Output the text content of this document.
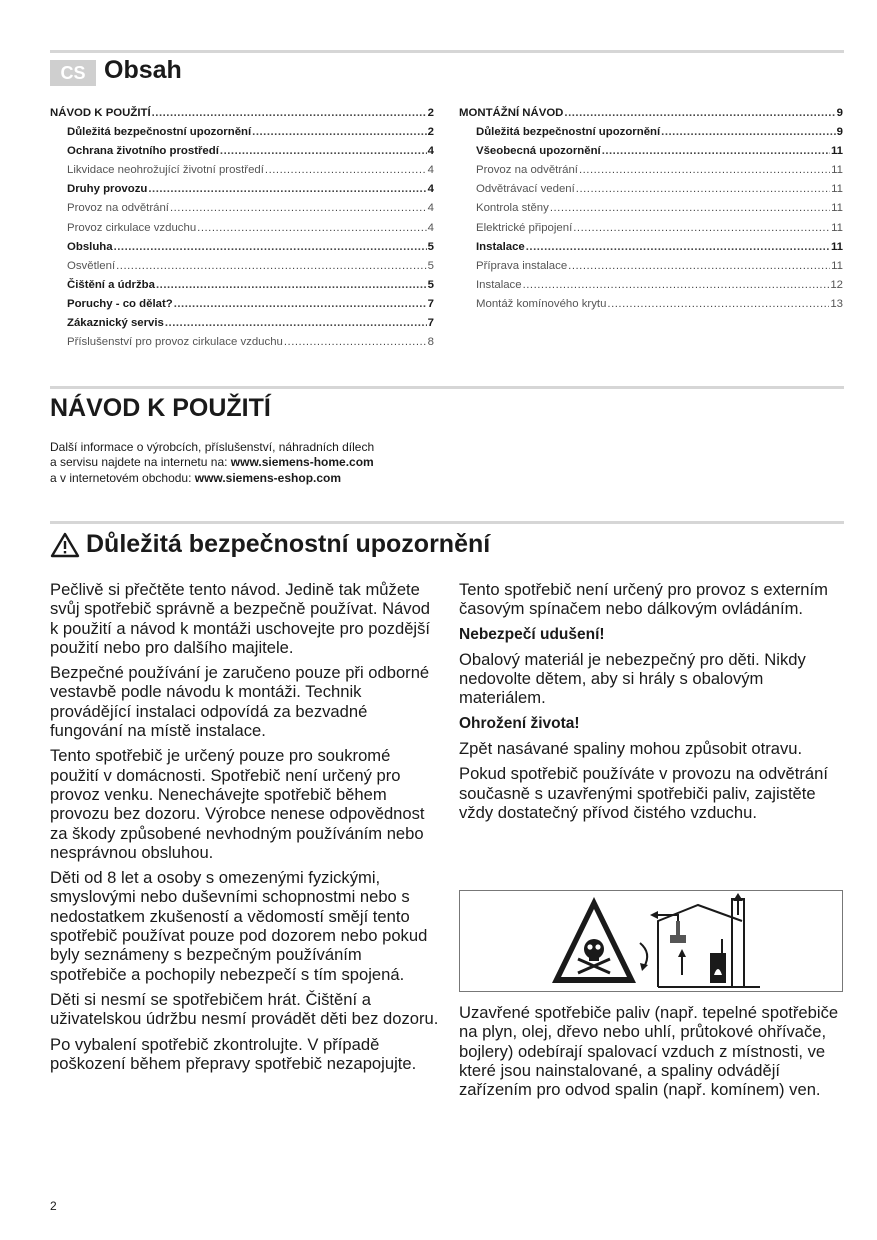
CS Obsah
NÁVOD K POUŽITÍ .....	2
Důležitá bezpečnostní upozornění .....	2
Ochrana životního prostředí .....	4
Likvidace neohrožující životní prostředí .....	4
Druhy provozu .....	4
Provoz na odvětrání .....	4
Provoz cirkulace vzduchu .....	4
Obsluha .....	5
Osvětlení .....	5
Čištění a údržba .....	5
Poruchy - co dělat? .....	7
Zákaznický servis .....	7
Příslušenství pro provoz cirkulace vzduchu .....	8
MONTÁŽNÍ NÁVOD .....	9
Důležitá bezpečnostní upozornění .....	9
Všeobecná upozornění .....	11
Provoz na odvětrání .....	11
Odvětrávací vedení .....	11
Kontrola stěny .....	11
Elektrické připojení .....	11
Instalace .....	11
Příprava instalace .....	11
Instalace .....	12
Montáž komínového krytu .....	13
NÁVOD K POUŽITÍ
Další informace o výrobcích, příslušenství, náhradních dílech
a servisu najdete na internetu na: www.siemens-home.com
a v internetovém obchodu: www.siemens-eshop.com
Důležitá bezpečnostní upozornění

Pečlivě si přečtěte tento návod. Jedině tak můžete svůj spotřebič správně a bezpečně používat. Návod k použití a návod k montáži uschovejte pro pozdější použití nebo pro dalšího majitele.

Bezpečné používání je zaručeno pouze při odborné vestavbě podle návodu k montáži. Technik provádějící instalaci odpovídá za bezvadné fungování na místě instalace.

Tento spotřebič je určený pouze pro soukromé použití v domácnosti. Spotřebič není určený pro provoz venku. Nenechávejte spotřebič během provozu bez dozoru. Výrobce nenese odpovědnost za škody způsobené nevhodným používáním nebo nesprávnou obsluhou.

Děti od 8 let a osoby s omezenými fyzickými, smyslovými nebo duševními schopnostmi nebo s nedostatkem zkušeností a vědomostí smějí tento spotřebič používat pouze pod dozorem nebo pokud byly seznámeny s bezpečným používáním spotřebiče a pochopily nebezpečí s tím spojená.

Děti si nesmí se spotřebičem hrát. Čištění a uživatelskou údržbu nesmí provádět děti bez dozoru.

Po vybalení spotřebič zkontrolujte. V případě poškození během přepravy spotřebič nezapojujte.

Tento spotřebič není určený pro provoz s externím časovým spínačem nebo dálkovým ovládáním.

Nebezpečí udušení!

Obalový materiál je nebezpečný pro děti. Nikdy nedovolte dětem, aby si hrály s obalovým materiálem.

Ohrožení života!

Zpět nasávané spaliny mohou způsobit otravu.

Pokud spotřebič používáte v provozu na odvětrání současně s uzavřenými spotřebiči paliv, zajistěte vždy dostatečný přívod čistého vzduchu.

Uzavřené spotřebiče paliv (např. tepelné spotřebiče na plyn, olej, dřevo nebo uhlí, průtokové ohřívače, bojlery) odebírají spalovací vzduch z místnosti, ve které jsou nainstalované, a spaliny odvádějí zařízením pro odvod spalin (např. komínem) ven.

2
